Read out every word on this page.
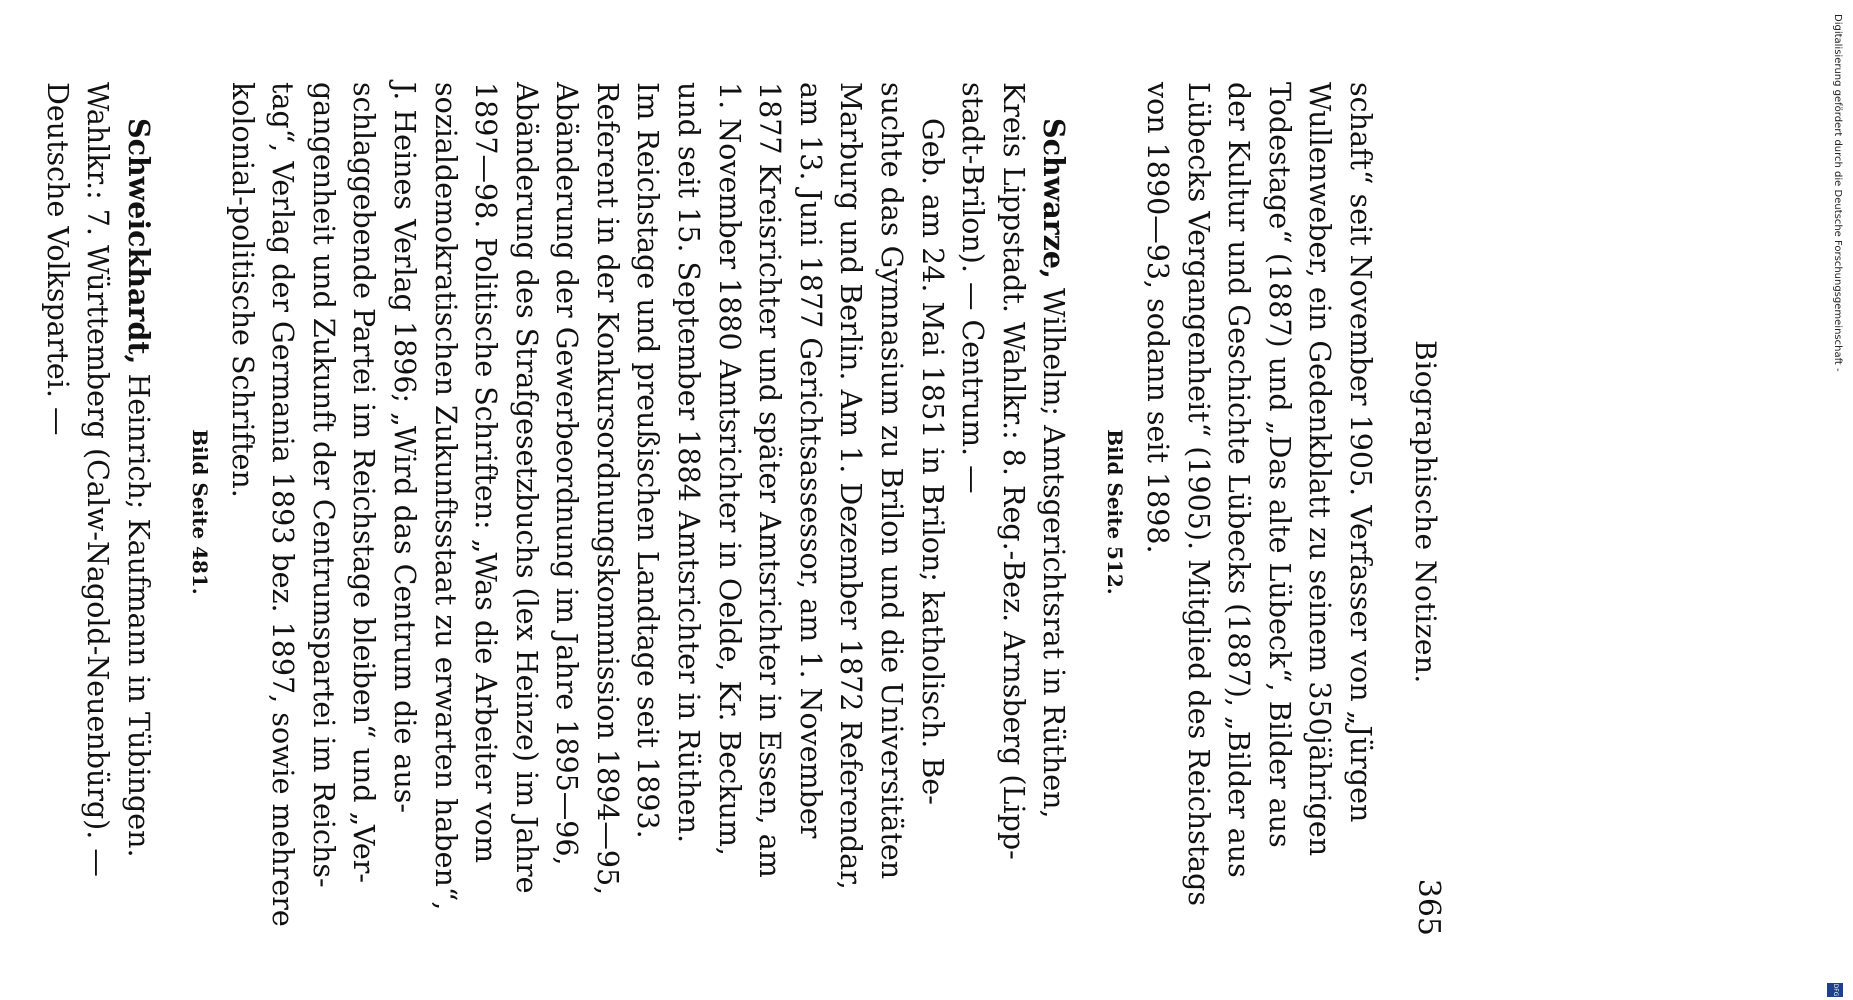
Biographische Notizen.
365
schaft“ seit November 1905. Verfasser von „Jürgen
Wullenweber, ein Gedenkblatt zu seinem 350jährigen
Todestage“ (1887) und „Das alte Lübeck“, Bilder aus
der Kultur und Geschichte Lübecks (1887), „Bilder aus
Lübecks Vergangenheit“ (1905). Mitglied des Reichstags
von 1890—93, sodann seit 1898.
Bild Seite 512.
Schwarze, Wilhelm; Amtsgerichtsrat in Rüthen,
Kreis Lippstadt. Wahlkr.: 8. Reg.-Bez. Arnsberg (Lipp-
stadt-Brilon). — Centrum. —
Geb. am 24. Mai 1851 in Brilon; katholisch. Be-
suchte das Gymnasium zu Brilon und die Universitäten
Marburg und Berlin. Am 1. Dezember 1872 Referendar,
am 13. Juni 1877 Gerichtsassessor, am 1. November
1877 Kreisrichter und später Amtsrichter in Essen, am
1. November 1880 Amtsrichter in Oelde, Kr. Beckum,
und seit 15. September 1884 Amtsrichter in Rüthen.
Im Reichstage und preußischen Landtage seit 1893.
Referent in der Konkursordnungskommission 1894—95,
Abänderung der Gewerbeordnung im Jahre 1895—96,
Abänderung des Strafgesetzbuchs (lex Heinze) im Jahre
1897—98. Politische Schriften: „Was die Arbeiter vom
sozialdemokratischen Zukunftsstaat zu erwarten haben“,
J. Heines Verlag 1896; „Wird das Centrum die aus-
schlaggebende Partei im Reichstage bleiben“ und „Ver-
gangenheit und Zukunft der Centrumspartei im Reichs-
tag“, Verlag der Germania 1893 bez. 1897, sowie mehrere
kolonial-politische Schriften.
Bild Seite 481.
Schweickhardt, Heinrich; Kaufmann in Tübingen.
Wahlkr.: 7. Württemberg (Calw-Nagold-Neuenbürg). —
Deutsche Volkspartei. —	Digitalisierung gefördert durch die Deutsche Forschungsgemeinschaft -
DFG
